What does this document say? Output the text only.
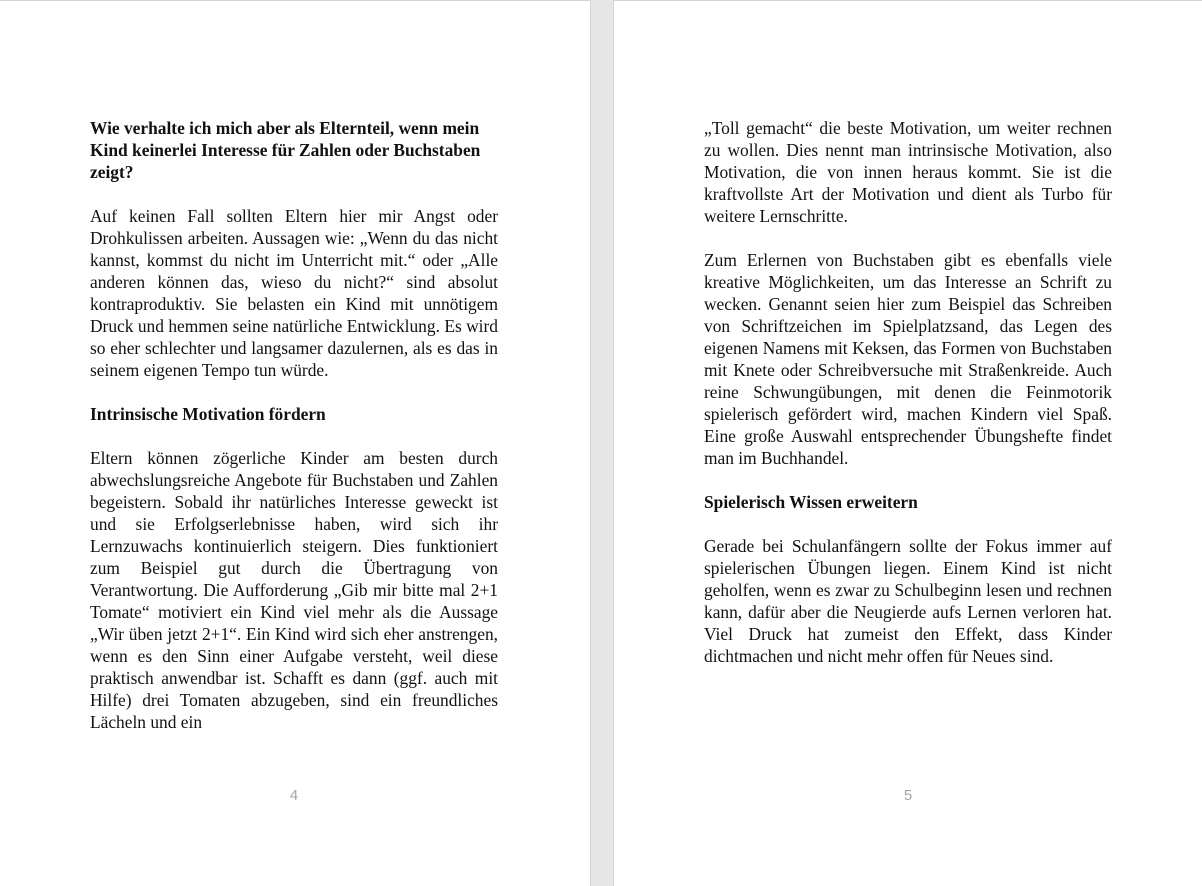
Wie verhalte ich mich aber als Elternteil, wenn mein Kind keinerlei Interesse für Zahlen oder Buchstaben zeigt?

Auf keinen Fall sollten Eltern hier mir Angst oder Drohkulissen arbeiten. Aussagen wie: „Wenn du das nicht kannst, kommst du nicht im Unterricht mit.“ oder „Alle anderen können das, wieso du nicht?“ sind absolut kontraproduktiv. Sie belasten ein Kind mit unnötigem Druck und hemmen seine natürliche Entwicklung. Es wird so eher schlechter und langsamer dazulernen, als es das in seinem eigenen Tempo tun würde.

Intrinsische Motivation fördern

Eltern können zögerliche Kinder am besten durch abwechslungsreiche Angebote für Buchstaben und Zahlen begeistern. Sobald ihr natürliches Interesse geweckt ist und sie Erfolgserlebnisse haben, wird sich ihr Lernzuwachs kontinuierlich steigern. Dies funktioniert zum Beispiel gut durch die Übertragung von Verantwortung. Die Aufforderung „Gib mir bitte mal 2+1 Tomate“ motiviert ein Kind viel mehr als die Aussage „Wir üben jetzt 2+1“. Ein Kind wird sich eher anstrengen, wenn es den Sinn einer Aufgabe versteht, weil diese praktisch anwendbar ist. Schafft es dann (ggf. auch mit Hilfe) drei Tomaten abzugeben, sind ein freundliches Lächeln und ein

4

„Toll gemacht“ die beste Motivation, um weiter rechnen zu wollen. Dies nennt man intrinsische Motivation, also Motivation, die von innen heraus kommt. Sie ist die kraftvollste Art der Motivation und dient als Turbo für weitere Lernschritte.

Zum Erlernen von Buchstaben gibt es ebenfalls viele kreative Möglichkeiten, um das Interesse an Schrift zu wecken. Genannt seien hier zum Beispiel das Schreiben von Schriftzeichen im Spielplatzsand, das Legen des eigenen Namens mit Keksen, das Formen von Buchstaben mit Knete oder Schreibversuche mit Straßenkreide. Auch reine Schwungübungen, mit denen die Feinmotorik spielerisch gefördert wird, machen Kindern viel Spaß. Eine große Auswahl entsprechender Übungshefte findet man im Buchhandel.

Spielerisch Wissen erweitern

Gerade bei Schulanfängern sollte der Fokus immer auf spielerischen Übungen liegen. Einem Kind ist nicht geholfen, wenn es zwar zu Schulbeginn lesen und rechnen kann, dafür aber die Neugierde aufs Lernen verloren hat. Viel Druck hat zumeist den Effekt, dass Kinder dichtmachen und nicht mehr offen für Neues sind.

5
